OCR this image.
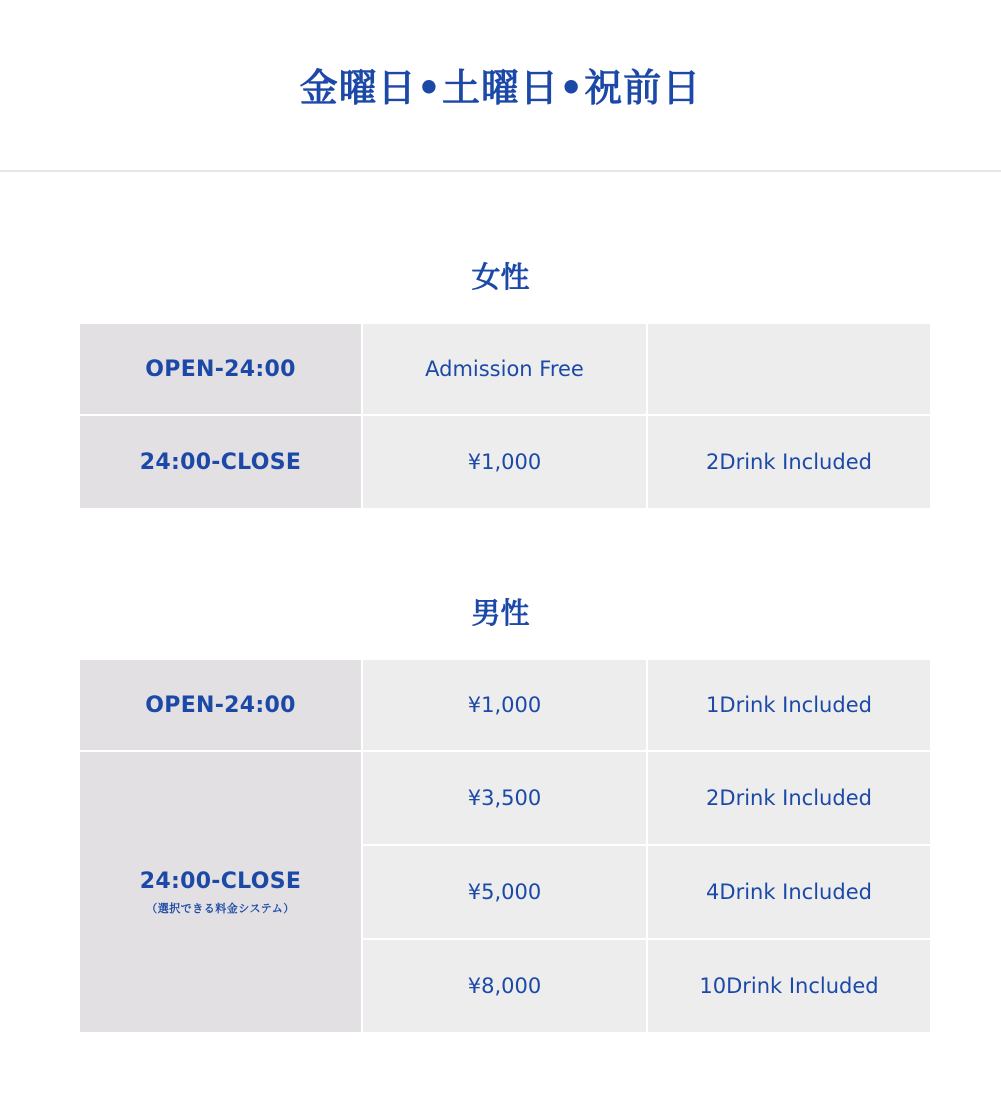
金曜日•土曜日•祝前日
女性
OPEN-24:00	Admission Free
24:00-CLOSE	¥1,000	2Drink Included
男性
OPEN-24:00	¥1,000	1Drink Included
24:00-CLOSE
（選択できる料金システム）
¥3,500	2Drink Included
¥5,000	4Drink Included
¥8,000	10Drink Included
